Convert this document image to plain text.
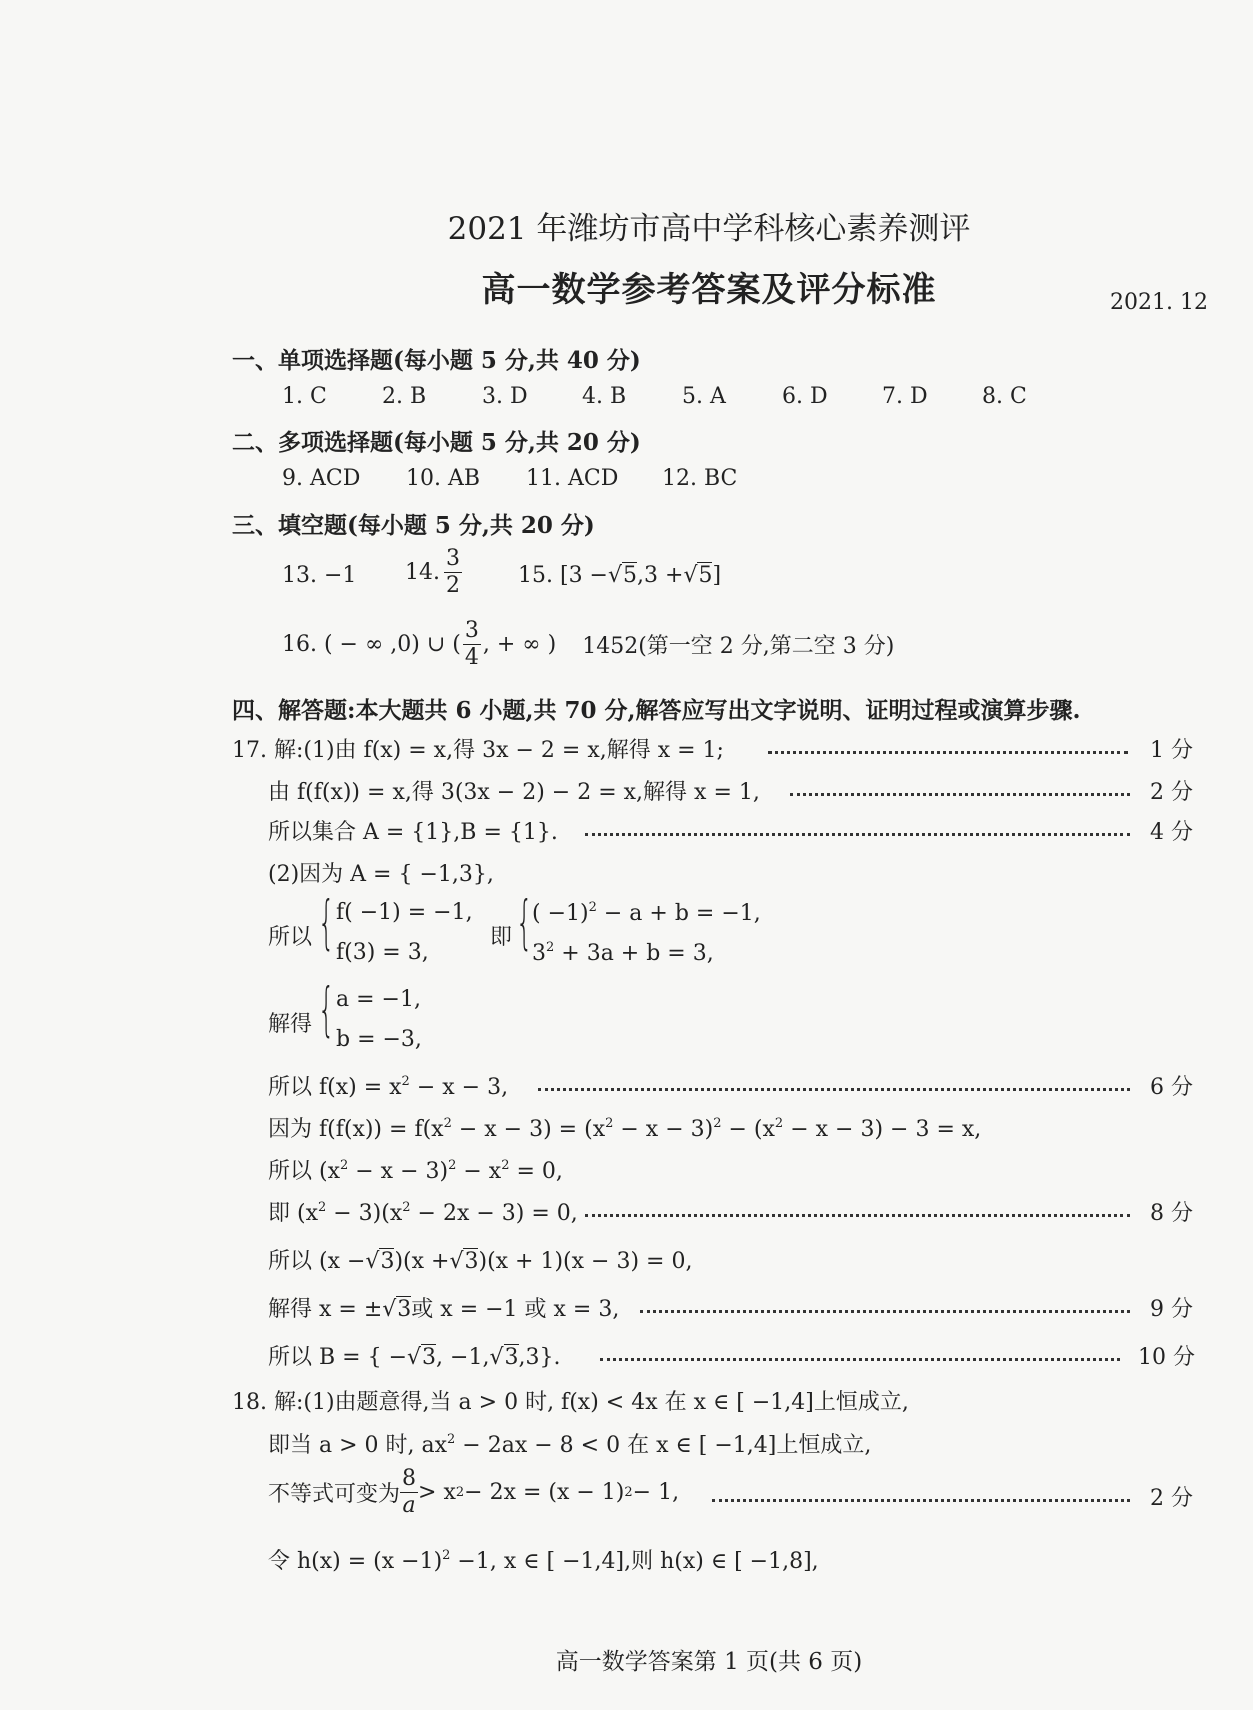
2021 年潍坊市高中学科核心素养测评
高一数学参考答案及评分标准	2021. 12
一、单项选择题(每小题 5 分,共 40 分)
1. C	2. B	3. D 4. B	5. A	6. D 7. D 8. C
二、多项选择题(每小题 5 分,共 20 分)
9. ACD 10. AB 11. ACD 12. BC
三、填空题(每小题 5 分,共 20 分)
13. −1 14. $\frac{3}{2}$	15. [3 −√5,3 +√5]
16. ( − ∞ ,0) ∪ ( $\frac{3}{4}$ , + ∞ ) 1452(第一空 2 分,第二空 3 分)
四、解答题:本大题共 6 小题,共 70 分,解答应写出文字说明、证明过程或演算步骤.
17. 解:(1)由 f(x) = x,得 3x − 2 = x,解得 x = 1;	1 分
由 f(f(x)) = x,得 3(3x − 2) − 2 = x,解得 x = 1,	2 分
所以集合 A = {1},B = {1}.	4 分
(2)因为 A = { −1,3},
所以 { f( −1) = −1,
f(3) = 3,
即 { ( −1)$^2$ − a + b = −1,
$3^2 + 3a + b = 3$,
解得 { a = −1,
b = −3,
所以 $f(x) = x^2 - x - 3$,	6 分
因为 $f(f(x)) = f(x^2 - x - 3) = (x^2 - x - 3)^2 - (x^2 - x - 3) - 3 = x$,
所以 $(x^2 - x - 3)^2 - x^2 = 0$,
即 $(x^2 - 3)(x^2 - 2x - 3) = 0$,	8 分
所以 (x −√3)(x +√3)(x + 1)(x − 3) = 0,
解得 x = ±√3或 x = −1 或 x = 3,	9 分
所以 B = { −√3, −1,√3,3}.	10 分
18. 解:(1)由题意得,当 a > 0 时, f(x) < 4x 在 x ∈ [ −1,4]上恒成立,
即当 a > 0 时, $ax^2 - 2ax - 8 < 0$ 在 x ∈ [ −1,4]上恒成立,
不等式可变为 $\frac{8}{a} > x$ 2 − 2x = (x − 1) 2 − 1,	2 分
令 $h(x) = (x -1)^2 -1$, x ∈ [ −1,4],则 h(x) ∈ [ −1,8],
高一数学答案第 1 页(共 6 页)
